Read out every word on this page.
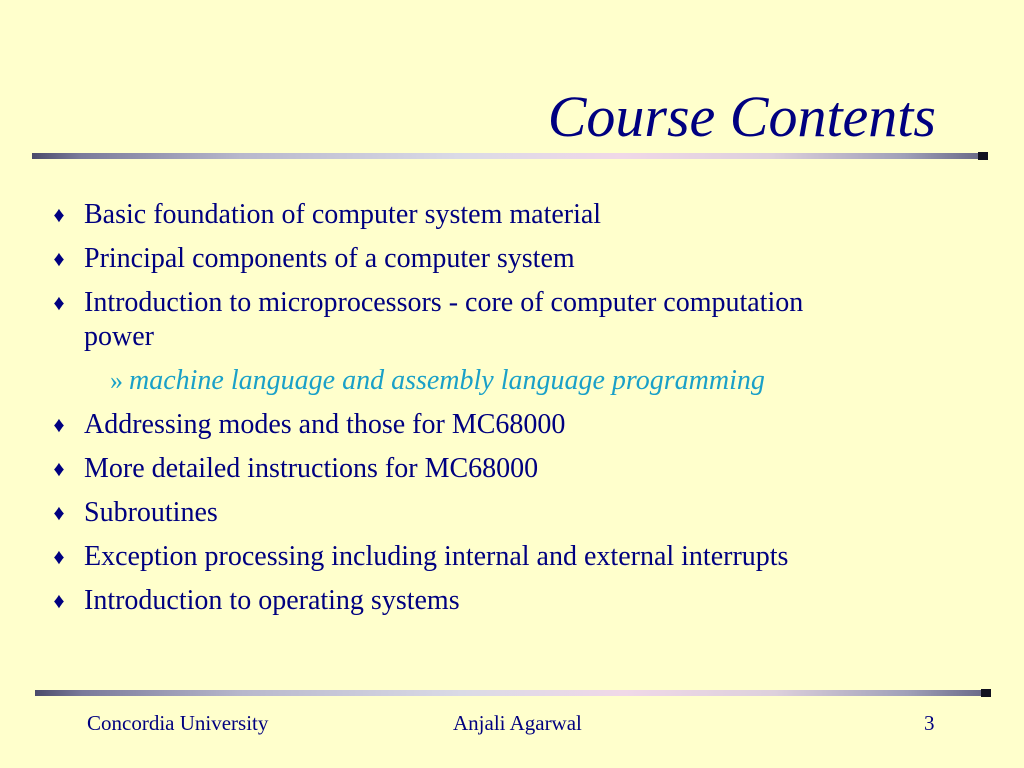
Course Contents
♦ Basic foundation of computer system material
♦ Principal components of a computer system
♦ Introduction to microprocessors - core of computer computation power
» machine language and assembly language programming
♦ Addressing modes and those for MC68000
♦ More detailed instructions for MC68000
♦ Subroutines
♦ Exception processing including internal and external interrupts
♦ Introduction to operating systems
Concordia University	Anjali Agarwal	3
